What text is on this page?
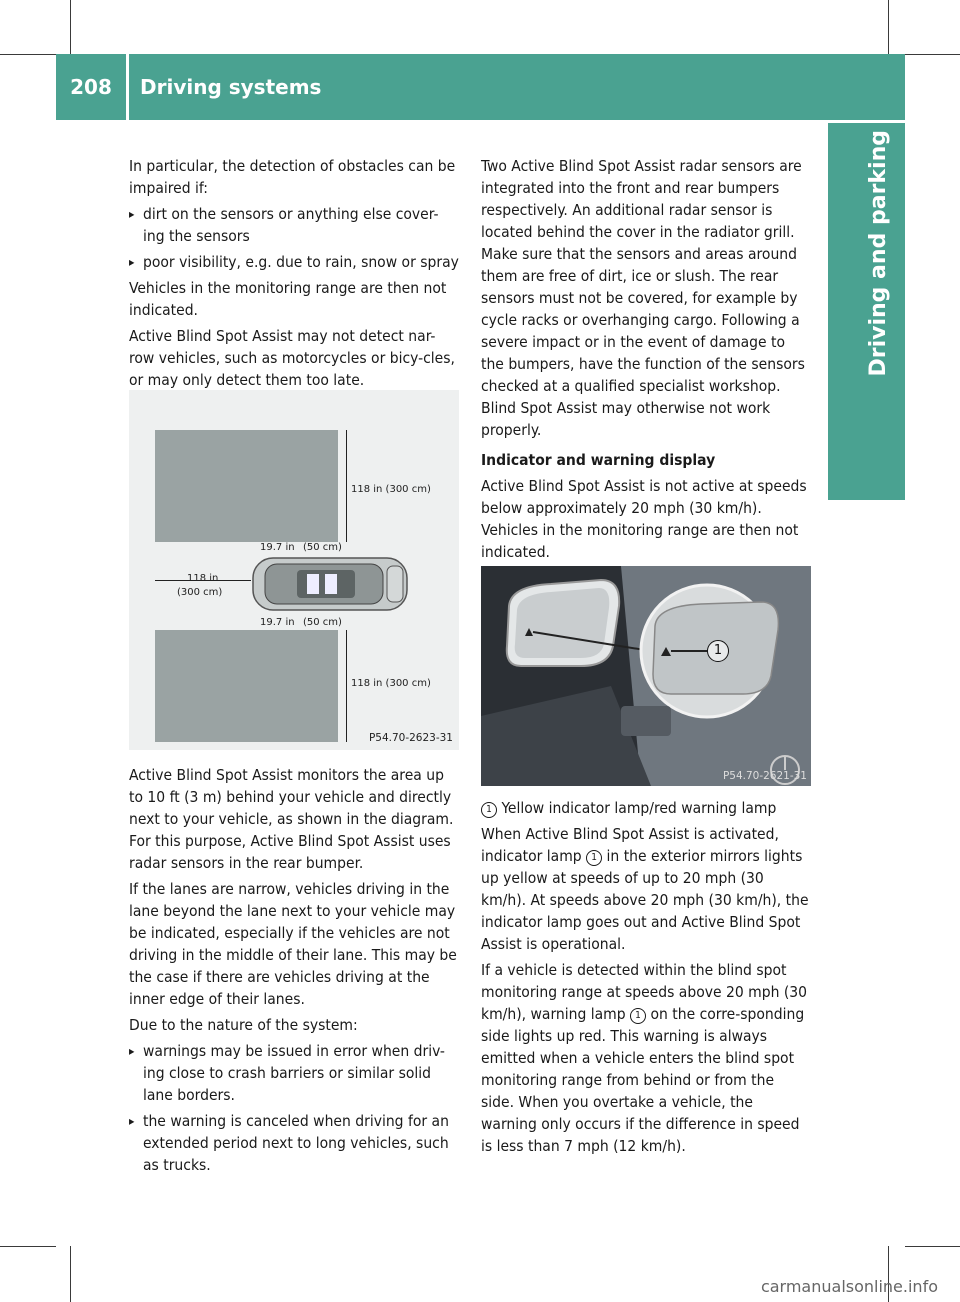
208	Driving systems
Driving and parking

In particular, the detection of obstacles can be impaired if:

▸ dirt on the sensors or anything else cover-ing the sensors
▸ poor visibility, e.g. due to rain, snow or spray

Vehicles in the monitoring range are then not indicated.

Active Blind Spot Assist may not detect nar-row vehicles, such as motorcycles or bicy-cles, or may only detect them too late.

118 in (300 cm)
118 in (300 cm)
19.7 in (50 cm)
19.7 in (50 cm)
118 in
(300 cm)
P54.70-2623-31

Active Blind Spot Assist monitors the area up to 10 ft (3 m) behind your vehicle and directly next to your vehicle, as shown in the diagram. For this purpose, Active Blind Spot Assist uses radar sensors in the rear bumper.

If the lanes are narrow, vehicles driving in the lane beyond the lane next to your vehicle may be indicated, especially if the vehicles are not driving in the middle of their lane. This may be the case if there are vehicles driving at the inner edge of their lanes.

Due to the nature of the system:

▸ warnings may be issued in error when driv-ing close to crash barriers or similar solid lane borders.
▸ the warning is canceled when driving for an extended period next to long vehicles, such as trucks.

Two Active Blind Spot Assist radar sensors are integrated into the front and rear bumpers respectively. An additional radar sensor is located behind the cover in the radiator grill. Make sure that the sensors and areas around them are free of dirt, ice or slush. The rear sensors must not be covered, for example by cycle racks or overhanging cargo. Following a severe impact or in the event of damage to the bumpers, have the function of the sensors checked at a qualified specialist workshop. Blind Spot Assist may otherwise not work properly.

Indicator and warning display

Active Blind Spot Assist is not active at speeds below approximately 20 mph (30 km/h). Vehicles in the monitoring range are then not indicated.

1
P54.70-2621-31

1 Yellow indicator lamp/red warning lamp

When Active Blind Spot Assist is activated, indicator lamp 1 in the exterior mirrors lights up yellow at speeds of up to 20 mph (30 km/h). At speeds above 20 mph (30 km/h), the indicator lamp goes out and Active Blind Spot Assist is operational.

If a vehicle is detected within the blind spot monitoring range at speeds above 20 mph (30 km/h), warning lamp 1 on the corre-sponding side lights up red. This warning is always emitted when a vehicle enters the blind spot monitoring range from behind or from the side. When you overtake a vehicle, the warning only occurs if the difference in speed is less than 7 mph (12 km/h).

carmanualsonline.info
